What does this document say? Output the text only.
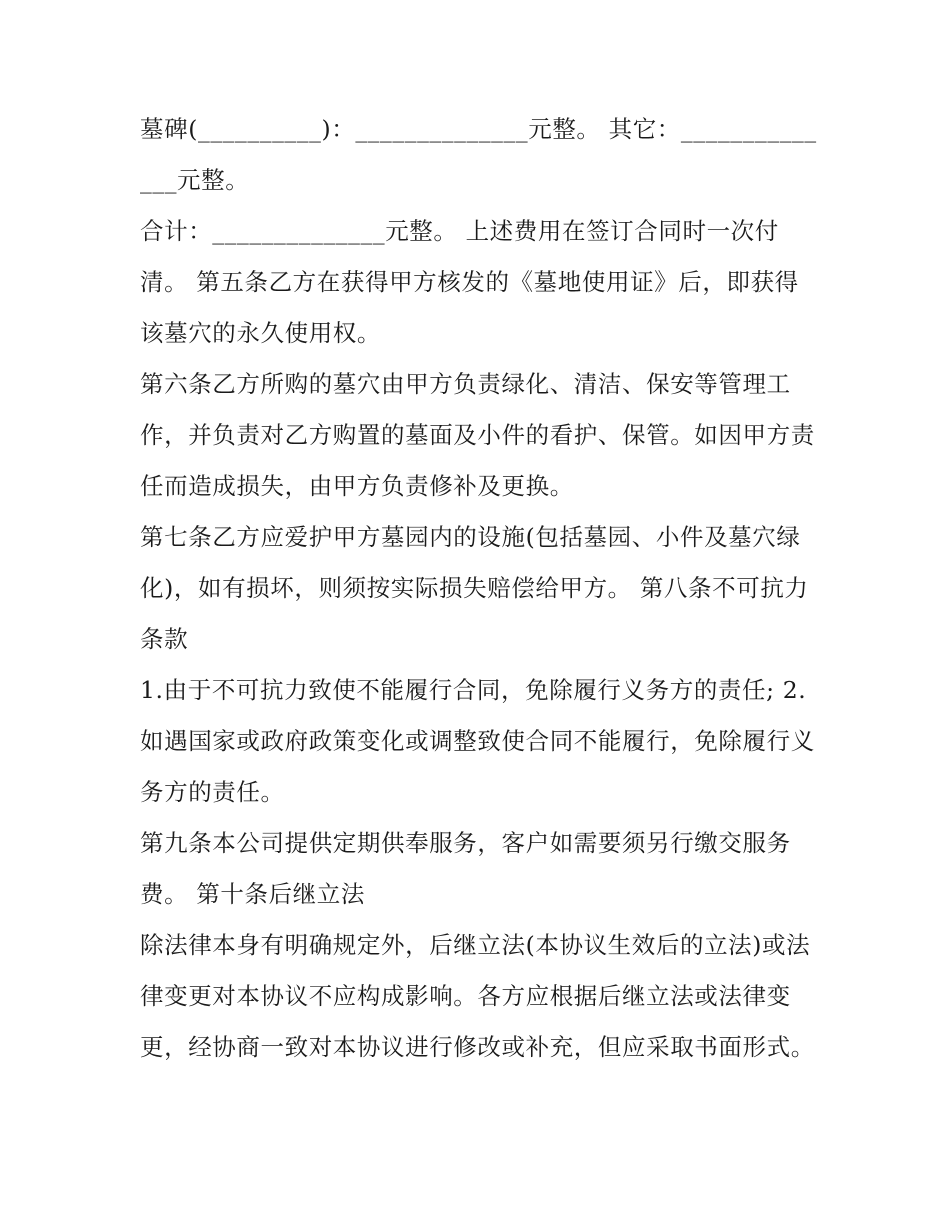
墓碑(__________)：______________元整。 其它：______________元整。

合计：______________元整。 上述费用在签订合同时一次付清。 第五条乙方在获得甲方核发的《墓地使用证》后，即获得该墓穴的永久使用权。

第六条乙方所购的墓穴由甲方负责绿化、清洁、保安等管理工作，并负责对乙方购置的墓面及小件的看护、保管。如因甲方责任而造成损失，由甲方负责修补及更换。

第七条乙方应爱护甲方墓园内的设施(包括墓园、小件及墓穴绿化)，如有损坏，则须按实际损失赔偿给甲方。 第八条不可抗力条款

1.由于不可抗力致使不能履行合同，免除履行义务方的责任; 2.如遇国家或政府政策变化或调整致使合同不能履行，免除履行义务方的责任。

第九条本公司提供定期供奉服务，客户如需要须另行缴交服务费。 第十条后继立法

除法律本身有明确规定外，后继立法(本协议生效后的立法)或法律变更对本协议不应构成影响。各方应根据后继立法或法律变更，经协商一致对本协议进行修改或补充，但应采取书面形式。
